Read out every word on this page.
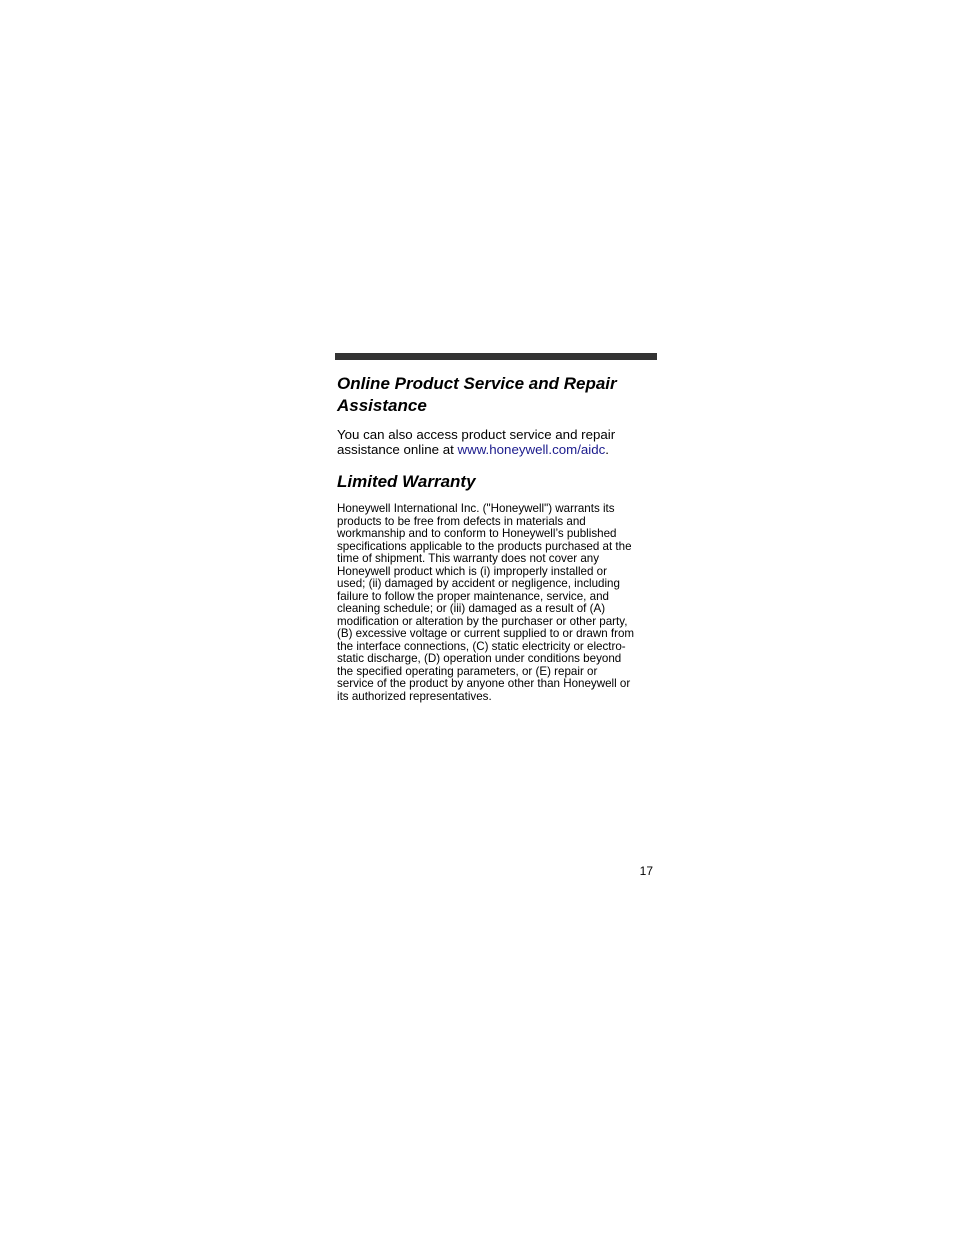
Online Product Service and Repair Assistance
You can also access product service and repair assistance online at www.honeywell.com/aidc.
Limited Warranty
Honeywell International Inc. ("Honeywell") warrants its
products to be free from defects in materials and
workmanship and to conform to Honeywell’s published
specifications applicable to the products purchased at the
time of shipment. This warranty does not cover any
Honeywell product which is (i) improperly installed or
used; (ii) damaged by accident or negligence, including
failure to follow the proper maintenance, service, and
cleaning schedule; or (iii) damaged as a result of (A)
modification or alteration by the purchaser or other party,
(B) excessive voltage or current supplied to or drawn from
the interface connections, (C) static electricity or electro-
static discharge, (D) operation under conditions beyond
the specified operating parameters, or (E) repair or
service of the product by anyone other than Honeywell or
its authorized representatives.
17
